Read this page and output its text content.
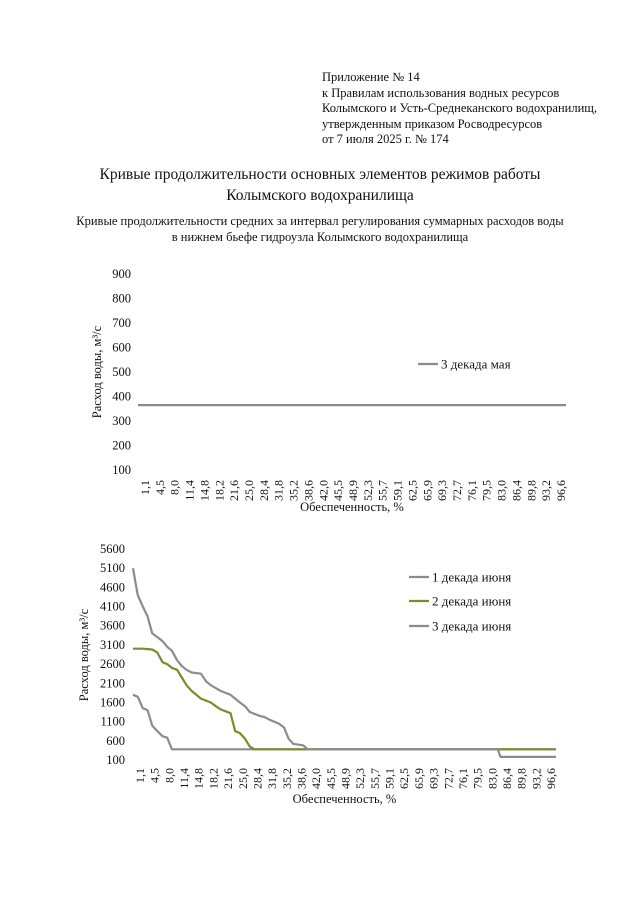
Приложение № 14
к Правилам использования водных ресурсов
Колымского и Усть-Среднеканского водохранилищ,
утвержденным приказом Росводресурсов
от 7 июля 2025 г. № 174
Кривые продолжительности основных элементов режимов работы
Колымского водохранилища
Кривые продолжительности средних за интервал регулирования суммарных расходов воды
в нижнем бьефе гидроузла Колымского водохранилища
100
200
300
400
500
600
700
800
900
1,1 4,5 8,0 11,4 14,8 18,2 21,6 25,0 28,4 31,8 35,2 38,6 42,0 45,5 48,9 52,3 55,7 59,1 62,5 65,9 69,3 72,7 76,1 79,5 83,0 86,4 89,8 93,2 96,6
Обеспеченность, %
Расход воды, м³/с	3 декада мая
100
600
1100
1600
2100
2600
3100
3600
4100
4600
5100
5600
1,1 4,5 8,0 11,4 14,8 18,2 21,6 25,0 28,4 31,8 35,2 38,6 42,0 45,5 48,9 52,3 55,7 59,1 62,5 65,9 69,3 72,7 76,1 79,5 83,0 86,4 89,8 93,2 96,6
Обеспеченность, %
Расход воды, м³/с
1 декада июня
2 декада июня
3 декада июня
